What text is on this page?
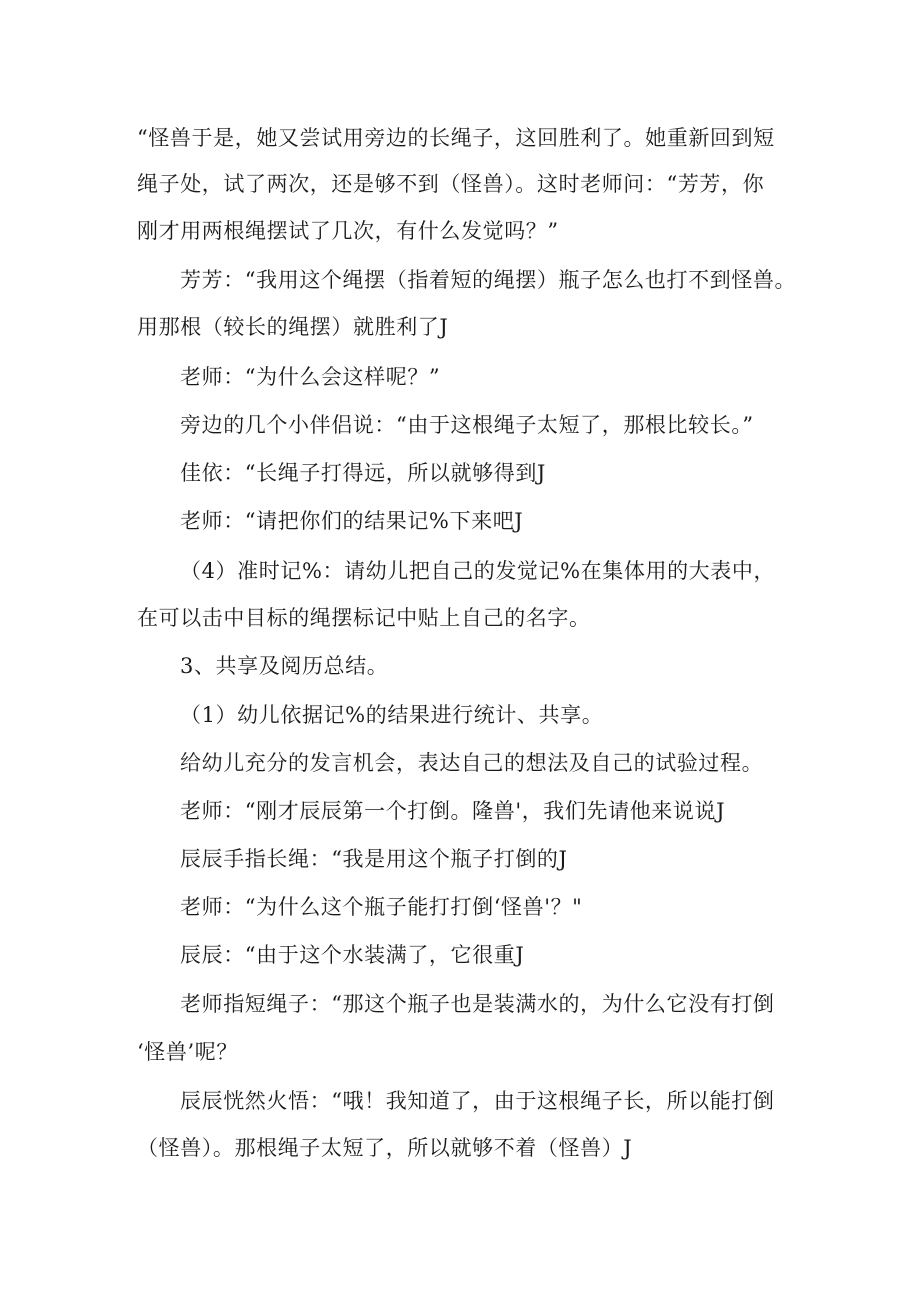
“怪兽于是，她又尝试用旁边的长绳子，这回胜利了。她重新回到短
绳子处，试了两次，还是够不到（怪兽）。这时老师问：“芳芳，你
刚才用两根绳摆试了几次，有什么发觉吗？”
芳芳：“我用这个绳摆（指着短的绳摆）瓶子怎么也打不到怪兽。
用那根（较长的绳摆）就胜利了J
老师：“为什么会这样呢？”
旁边的几个小伴侣说：“由于这根绳子太短了，那根比较长。”
佳依：“长绳子打得远，所以就够得到J
老师：“请把你们的结果记%下来吧J
（4）准时记%：请幼儿把自己的发觉记%在集体用的大表中，
在可以击中目标的绳摆标记中贴上自己的名字。
3、共享及阅历总结。
（1）幼儿依据记%的结果进行统计、共享。
给幼儿充分的发言机会，表达自己的想法及自己的试验过程。
老师：“刚才辰辰第一个打倒。隆兽'，我们先请他来说说J
辰辰手指长绳：“我是用这个瓶子打倒的J
老师：“为什么这个瓶子能打打倒‘怪兽'？"
辰辰：“由于这个水装满了，它很重J
老师指短绳子：“那这个瓶子也是装满水的，为什么它没有打倒
‘怪兽’呢？
辰辰恍然火悟：“哦！我知道了，由于这根绳子长，所以能打倒
（怪兽）。那根绳子太短了，所以就够不着（怪兽）J
